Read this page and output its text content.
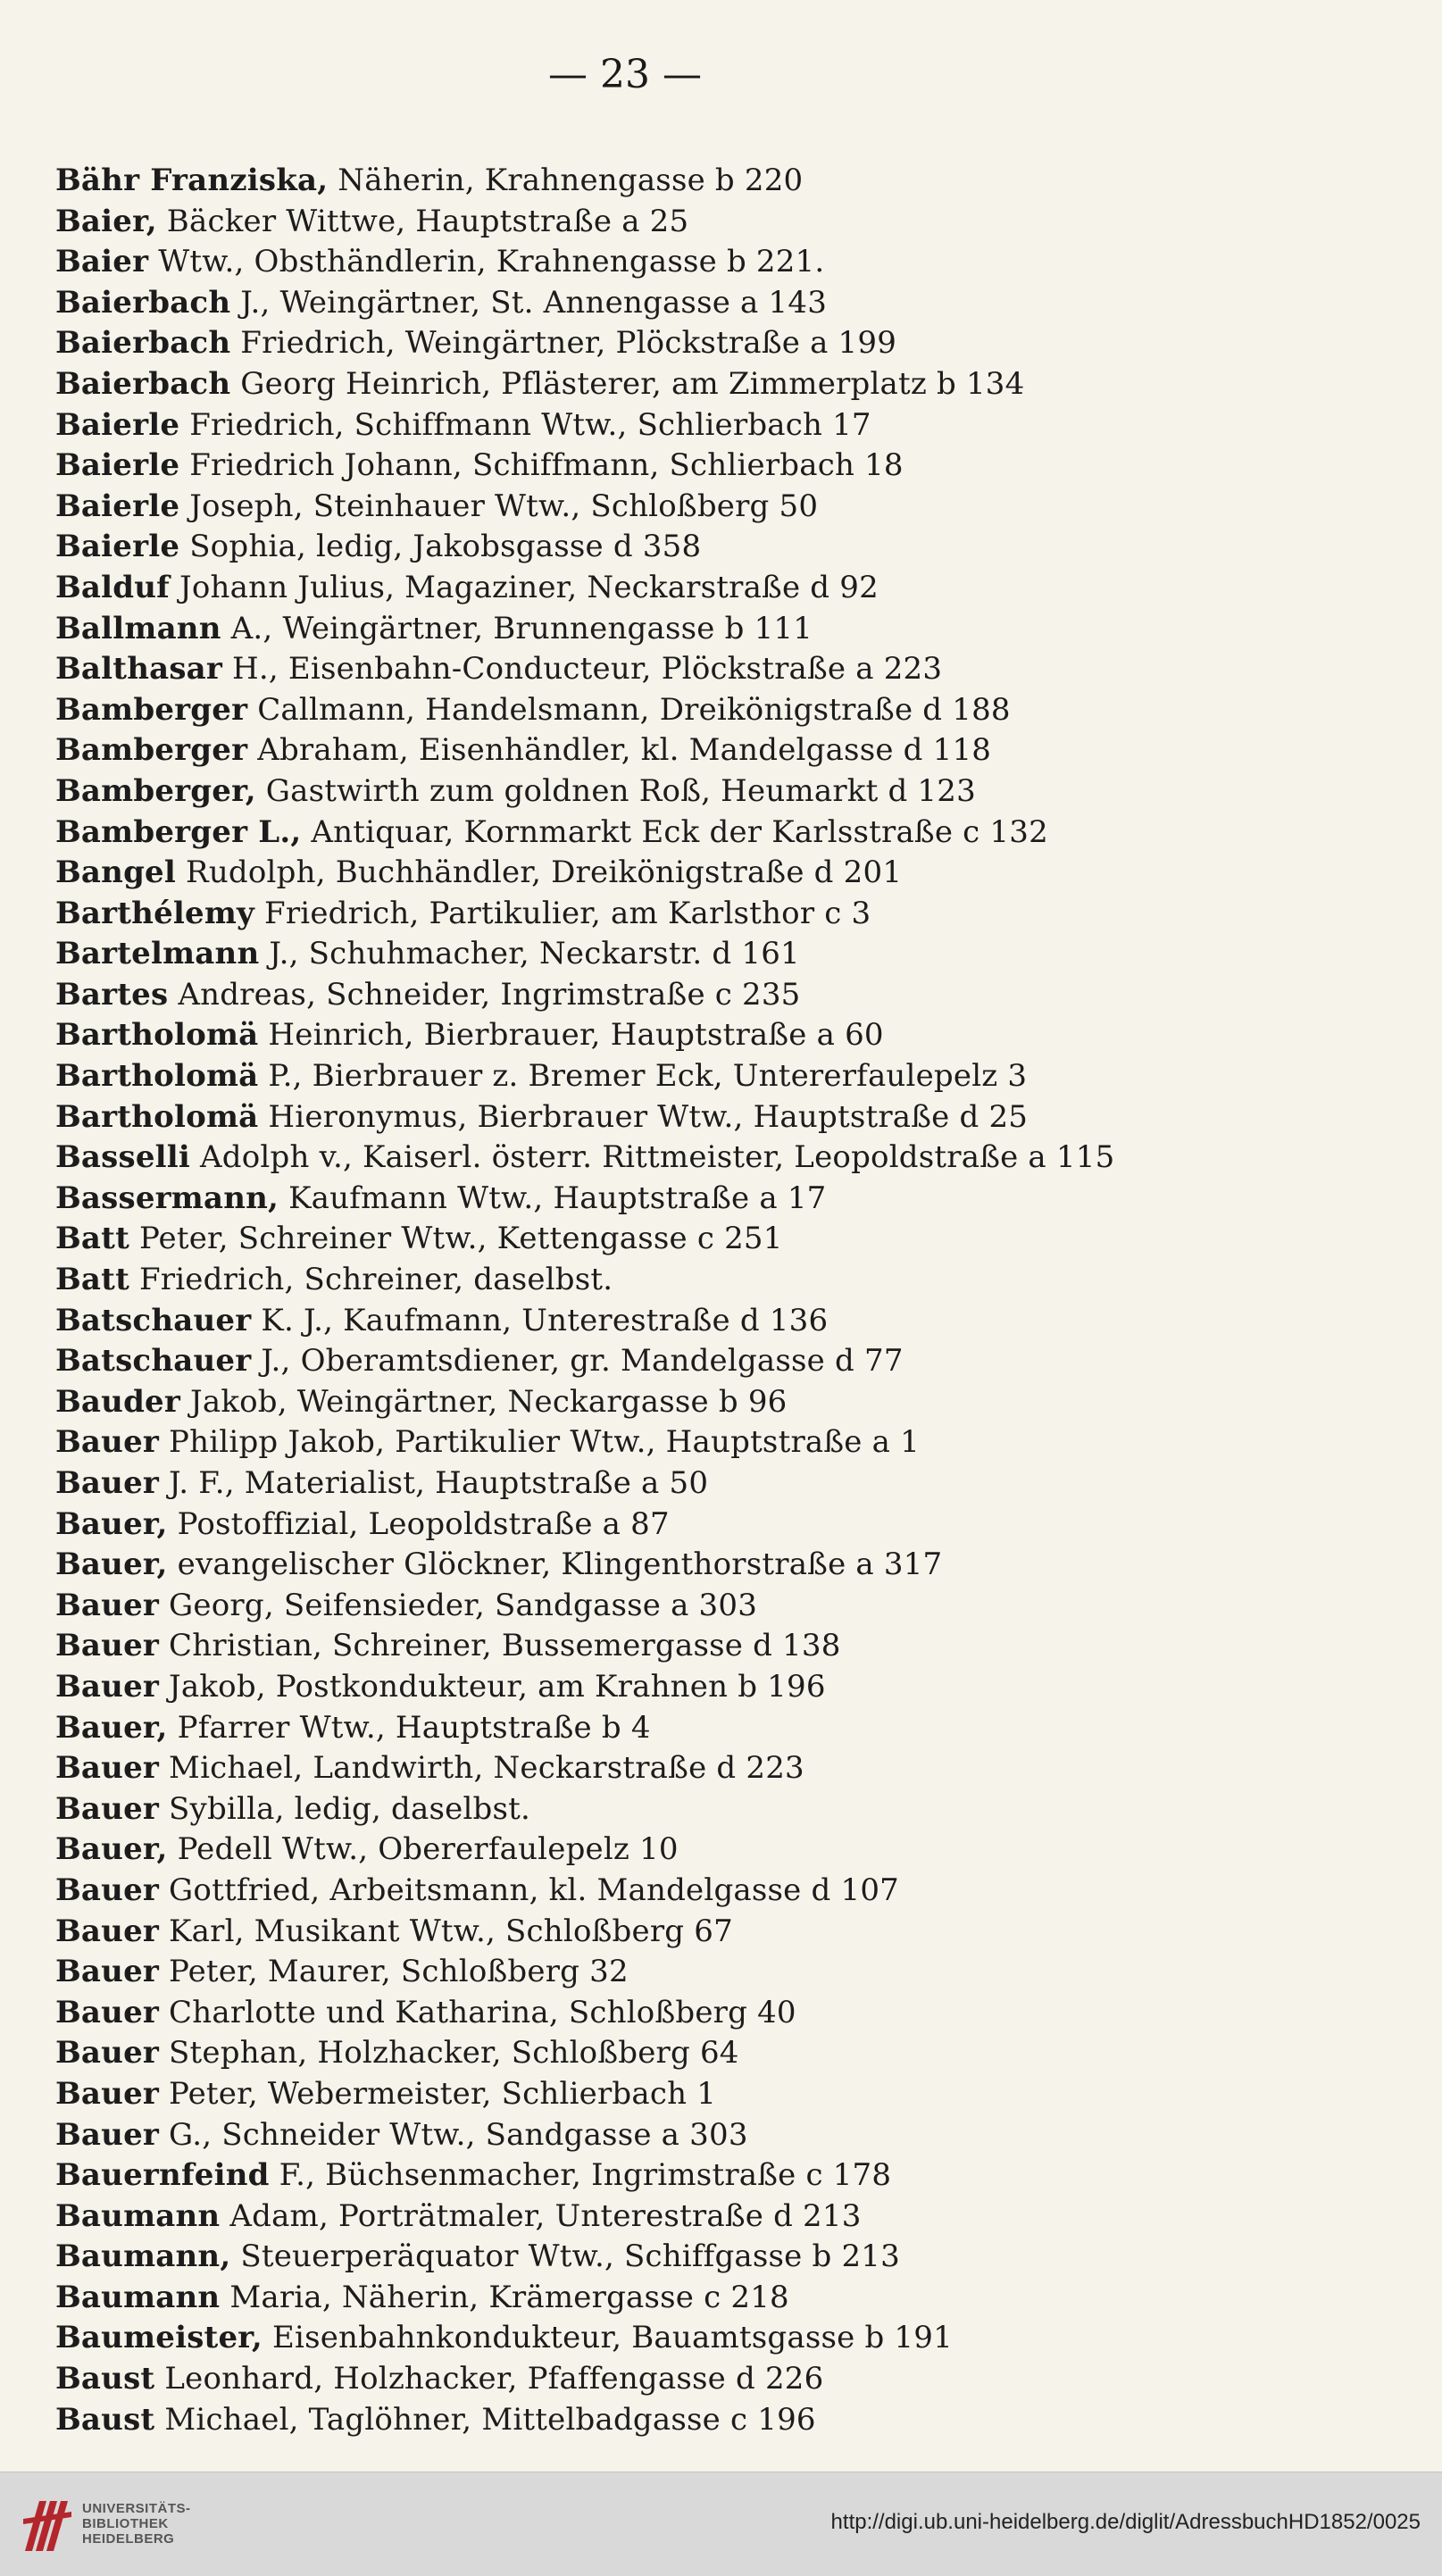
— 23 —
Bähr Franziska, Näherin, Krahnengasse b 220
Baier, Bäcker Wittwe, Hauptstraße a 25
Baier Wtw., Obsthändlerin, Krahnengasse b 221.
Baierbach J., Weingärtner, St. Annengasse a 143
Baierbach Friedrich, Weingärtner, Plöckstraße a 199
Baierbach Georg Heinrich, Pflästerer, am Zimmerplatz b 134
Baierle Friedrich, Schiffmann Wtw., Schlierbach 17
Baierle Friedrich Johann, Schiffmann, Schlierbach 18
Baierle Joseph, Steinhauer Wtw., Schloßberg 50
Baierle Sophia, ledig, Jakobsgasse d 358
Balduf Johann Julius, Magaziner, Neckarstraße d 92
Ballmann A., Weingärtner, Brunnengasse b 111
Balthasar H., Eisenbahn-Conducteur, Plöckstraße a 223
Bamberger Callmann, Handelsmann, Dreikönigstraße d 188
Bamberger Abraham, Eisenhändler, kl. Mandelgasse d 118
Bamberger, Gastwirth zum goldnen Roß, Heumarkt d 123
Bamberger L., Antiquar, Kornmarkt Eck der Karlsstraße c 132
Bangel Rudolph, Buchhändler, Dreikönigstraße d 201
Barthélemy Friedrich, Partikulier, am Karlsthor c 3
Bartelmann J., Schuhmacher, Neckarstr. d 161
Bartes Andreas, Schneider, Ingrimstraße c 235
Bartholomä Heinrich, Bierbrauer, Hauptstraße a 60
Bartholomä P., Bierbrauer z. Bremer Eck, Untererfaulepelz 3
Bartholomä Hieronymus, Bierbrauer Wtw., Hauptstraße d 25
Basselli Adolph v., Kaiserl. österr. Rittmeister, Leopoldstraße a 115
Bassermann, Kaufmann Wtw., Hauptstraße a 17
Batt Peter, Schreiner Wtw., Kettengasse c 251
Batt Friedrich, Schreiner, daselbst.
Batschauer K. J., Kaufmann, Unterestraße d 136
Batschauer J., Oberamtsdiener, gr. Mandelgasse d 77
Bauder Jakob, Weingärtner, Neckargasse b 96
Bauer Philipp Jakob, Partikulier Wtw., Hauptstraße a 1
Bauer J. F., Materialist, Hauptstraße a 50
Bauer, Postoffizial, Leopoldstraße a 87
Bauer, evangelischer Glöckner, Klingenthorstraße a 317
Bauer Georg, Seifensieder, Sandgasse a 303
Bauer Christian, Schreiner, Bussemergasse d 138
Bauer Jakob, Postkondukteur, am Krahnen b 196
Bauer, Pfarrer Wtw., Hauptstraße b 4
Bauer Michael, Landwirth, Neckarstraße d 223
Bauer Sybilla, ledig, daselbst.
Bauer, Pedell Wtw., Obererfaulepelz 10
Bauer Gottfried, Arbeitsmann, kl. Mandelgasse d 107
Bauer Karl, Musikant Wtw., Schloßberg 67
Bauer Peter, Maurer, Schloßberg 32
Bauer Charlotte und Katharina, Schloßberg 40
Bauer Stephan, Holzhacker, Schloßberg 64
Bauer Peter, Webermeister, Schlierbach 1
Bauer G., Schneider Wtw., Sandgasse a 303
Bauernfeind F., Büchsenmacher, Ingrimstraße c 178
Baumann Adam, Porträtmaler, Unterestraße d 213
Baumann, Steuerperäquator Wtw., Schiffgasse b 213
Baumann Maria, Näherin, Krämergasse c 218
Baumeister, Eisenbahnkondukteur, Bauamtsgasse b 191
Baust Leonhard, Holzhacker, Pfaffengasse d 226
Baust Michael, Taglöhner, Mittelbadgasse c 196
UNIVERSITÄTS-
BIBLIOTHEK
HEIDELBERG
http://digi.ub.uni-heidelberg.de/diglit/AdressbuchHD1852/0025
